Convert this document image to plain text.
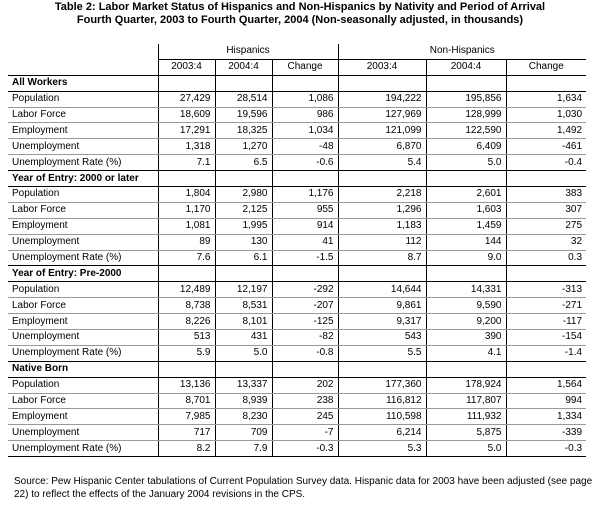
Table 2: Labor Market Status of Hispanics and Non-Hispanics by Nativity and Period of Arrival
Fourth Quarter, 2003 to Fourth Quarter, 2004 (Non-seasonally adjusted, in thousands)
	Hispanics			Non-Hispanics		
	2003:4	2004:4	Change	2003:4	2004:4	Change
All Workers						
Population	27,429	28,514	1,086	194,222	195,856	1,634
Labor Force	18,609	19,596	986	127,969	128,999	1,030
Employment	17,291	18,325	1,034	121,099	122,590	1,492
Unemployment	1,318	1,270	-48	6,870	6,409	-461
Unemployment Rate (%)	7.1	6.5	-0.6	5.4	5.0	-0.4
Year of Entry: 2000 or later						
Population	1,804	2,980	1,176	2,218	2,601	383
Labor Force	1,170	2,125	955	1,296	1,603	307
Employment	1,081	1,995	914	1,183	1,459	275
Unemployment	89	130	41	112	144	32
Unemployment Rate (%)	7.6	6.1	-1.5	8.7	9.0	0.3
Year of Entry: Pre-2000						
Population	12,489	12,197	-292	14,644	14,331	-313
Labor Force	8,738	8,531	-207	9,861	9,590	-271
Employment	8,226	8,101	-125	9,317	9,200	-117
Unemployment	513	431	-82	543	390	-154
Unemployment Rate (%)	5.9	5.0	-0.8	5.5	4.1	-1.4
Native Born						
Population	13,136	13,337	202	177,360	178,924	1,564
Labor Force	8,701	8,939	238	116,812	117,807	994
Employment	7,985	8,230	245	110,598	111,932	1,334
Unemployment	717	709	-7	6,214	5,875	-339
Unemployment Rate (%)	8.2	7.9	-0.3	5.3	5.0	-0.3
Source: Pew Hispanic Center tabulations of Current Population Survey data. Hispanic data for 2003 have been adjusted (see page 22) to reflect the effects of the January 2004 revisions in the CPS.
